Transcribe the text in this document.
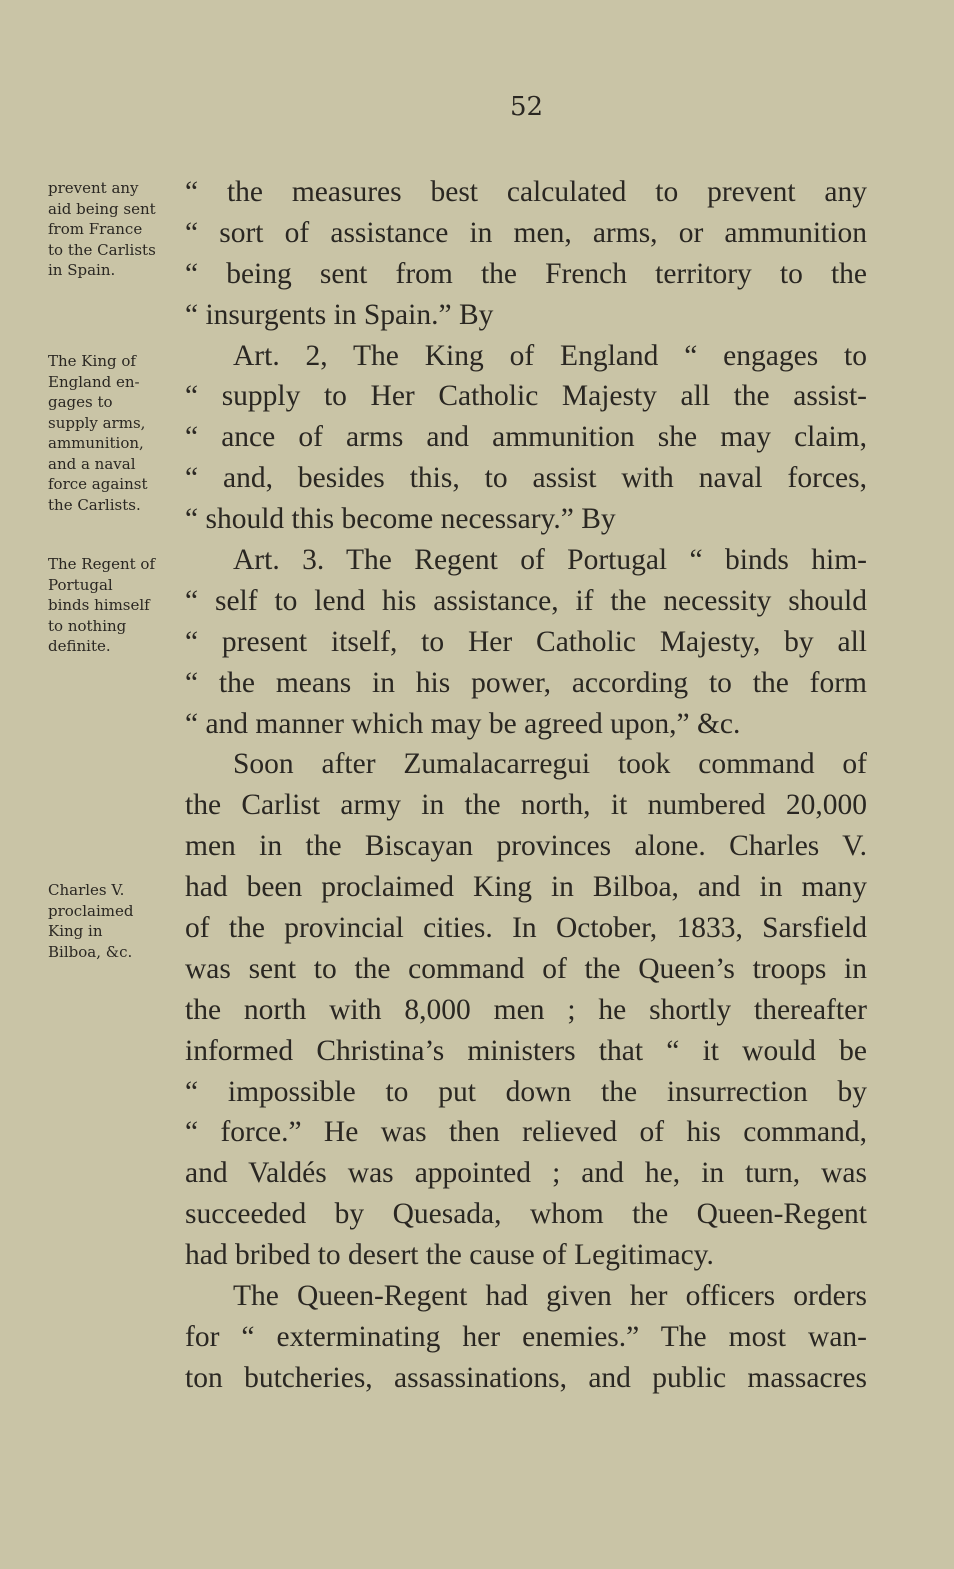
52
prevent any
aid being sent
from France
to the Carlists
in Spain.
The King of
England en-
gages to
supply arms,
ammunition,
and a naval
force against
the Carlists.
The Regent of
Portugal
binds himself
to nothing
definite.
Charles V.
proclaimed
King in
Bilboa, &c.
“ the measures best calculated to prevent any
“ sort of assistance in men, arms, or ammunition
“ being sent from the French territory to the
“ insurgents in Spain.” By
Art. 2, The King of England “ engages to
“ supply to Her Catholic Majesty all the assist-
“ ance of arms and ammunition she may claim,
“ and, besides this, to assist with naval forces,
“ should this become necessary.” By
Art. 3. The Regent of Portugal “ binds him-
“ self to lend his assistance, if the necessity should
“ present itself, to Her Catholic Majesty, by all
“ the means in his power, according to the form
“ and manner which may be agreed upon,” &c.
Soon after Zumalacarregui took command of
the Carlist army in the north, it numbered 20,000
men in the Biscayan provinces alone. Charles V.
had been proclaimed King in Bilboa, and in many
of the provincial cities. In October, 1833, Sarsfield
was sent to the command of the Queen’s troops in
the north with 8,000 men ; he shortly thereafter
informed Christina’s ministers that “ it would be
“ impossible to put down the insurrection by
“ force.” He was then relieved of his command,
and Valdés was appointed ; and he, in turn, was
succeeded by Quesada, whom the Queen-Regent
had bribed to desert the cause of Legitimacy.
The Queen-Regent had given her officers orders
for “ exterminating her enemies.” The most wan-
ton butcheries, assassinations, and public massacres
